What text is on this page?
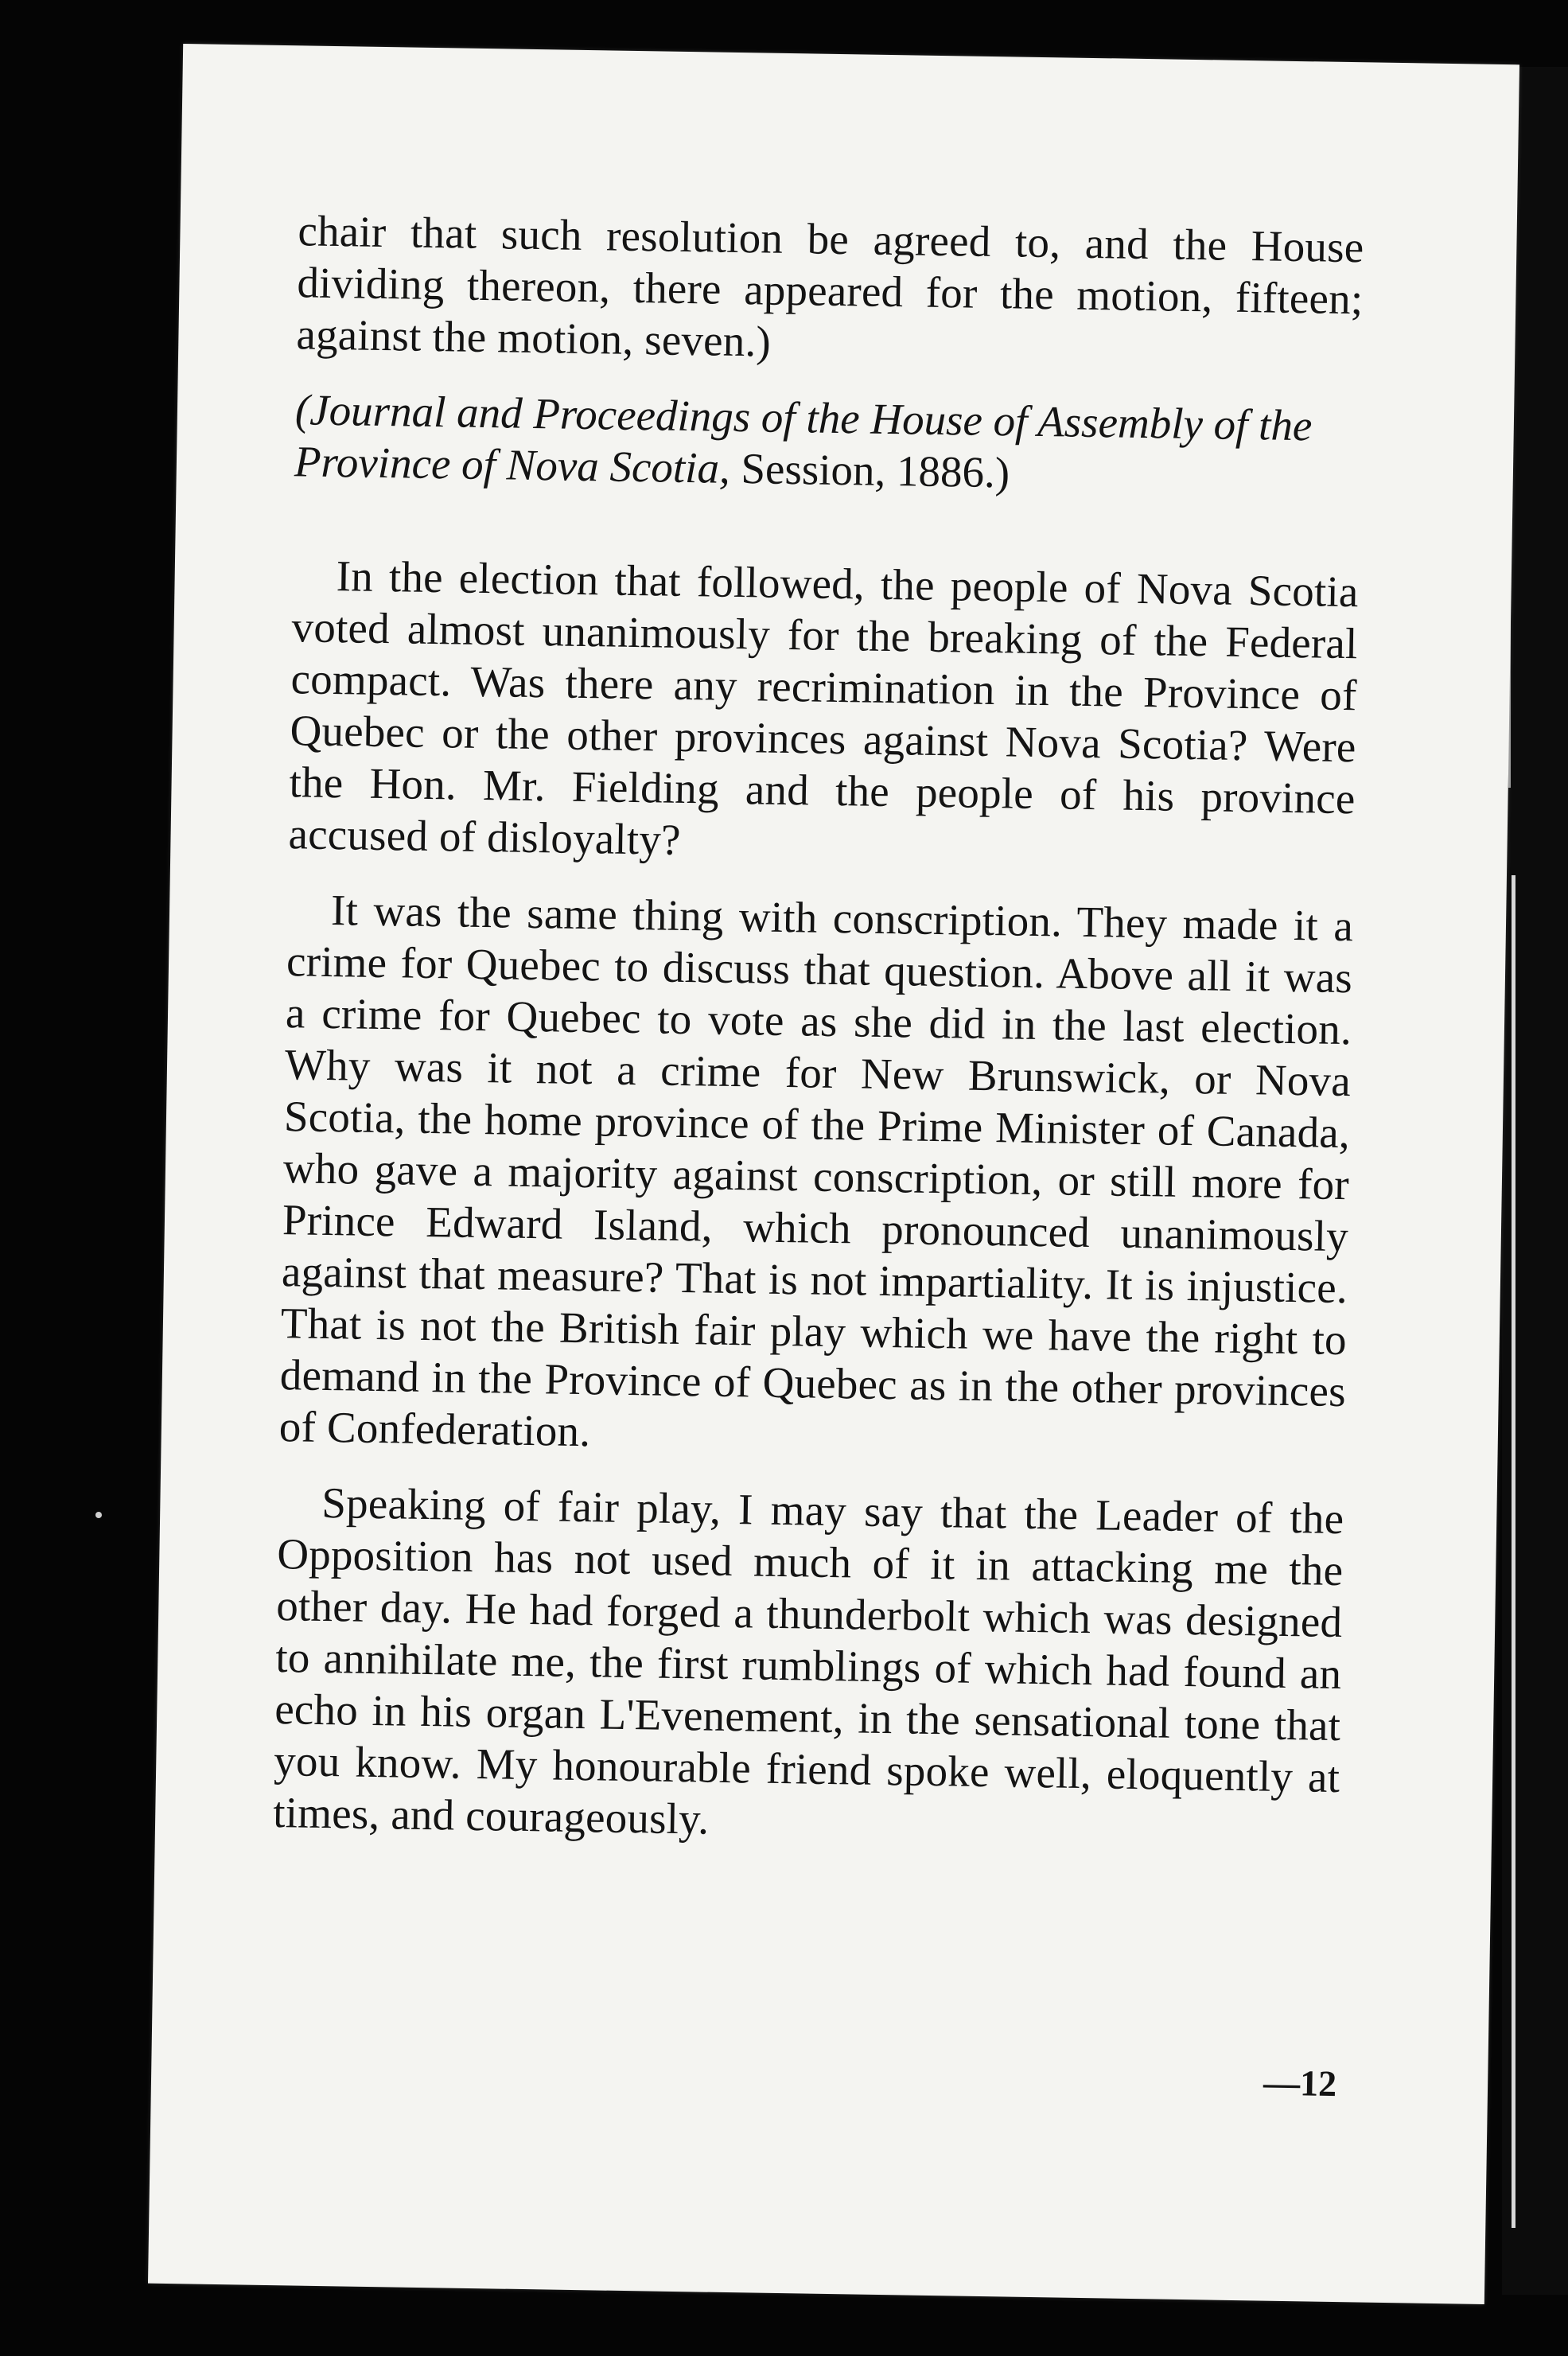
chair that such resolution be agreed to, and the House dividing thereon, there appeared for the motion, fifteen; against the motion, seven.)

(Journal and Proceedings of the House of Assembly of the Province of Nova Scotia, Session, 1886.)

In the election that followed, the people of Nova Scotia voted almost unanimously for the breaking of the Federal compact. Was there any recrimination in the Province of Quebec or the other provinces against Nova Scotia? Were the Hon. Mr. Fielding and the people of his province accused of disloyalty?

It was the same thing with conscription. They made it a crime for Quebec to discuss that question. Above all it was a crime for Quebec to vote as she did in the last election. Why was it not a crime for New Brunswick, or Nova Scotia, the home province of the Prime Minister of Canada, who gave a majority against conscription, or still more for Prince Edward Island, which pronounced unanimously against that measure? That is not impartiality. It is injustice. That is not the British fair play which we have the right to demand in the Province of Quebec as in the other provinces of Confederation.

Speaking of fair play, I may say that the Leader of the Opposition has not used much of it in attacking me the other day. He had forged a thunderbolt which was designed to annihilate me, the first rumblings of which had found an echo in his organ L'Evenement, in the sensational tone that you know. My honourable friend spoke well, eloquently at times, and courageously.

—12
